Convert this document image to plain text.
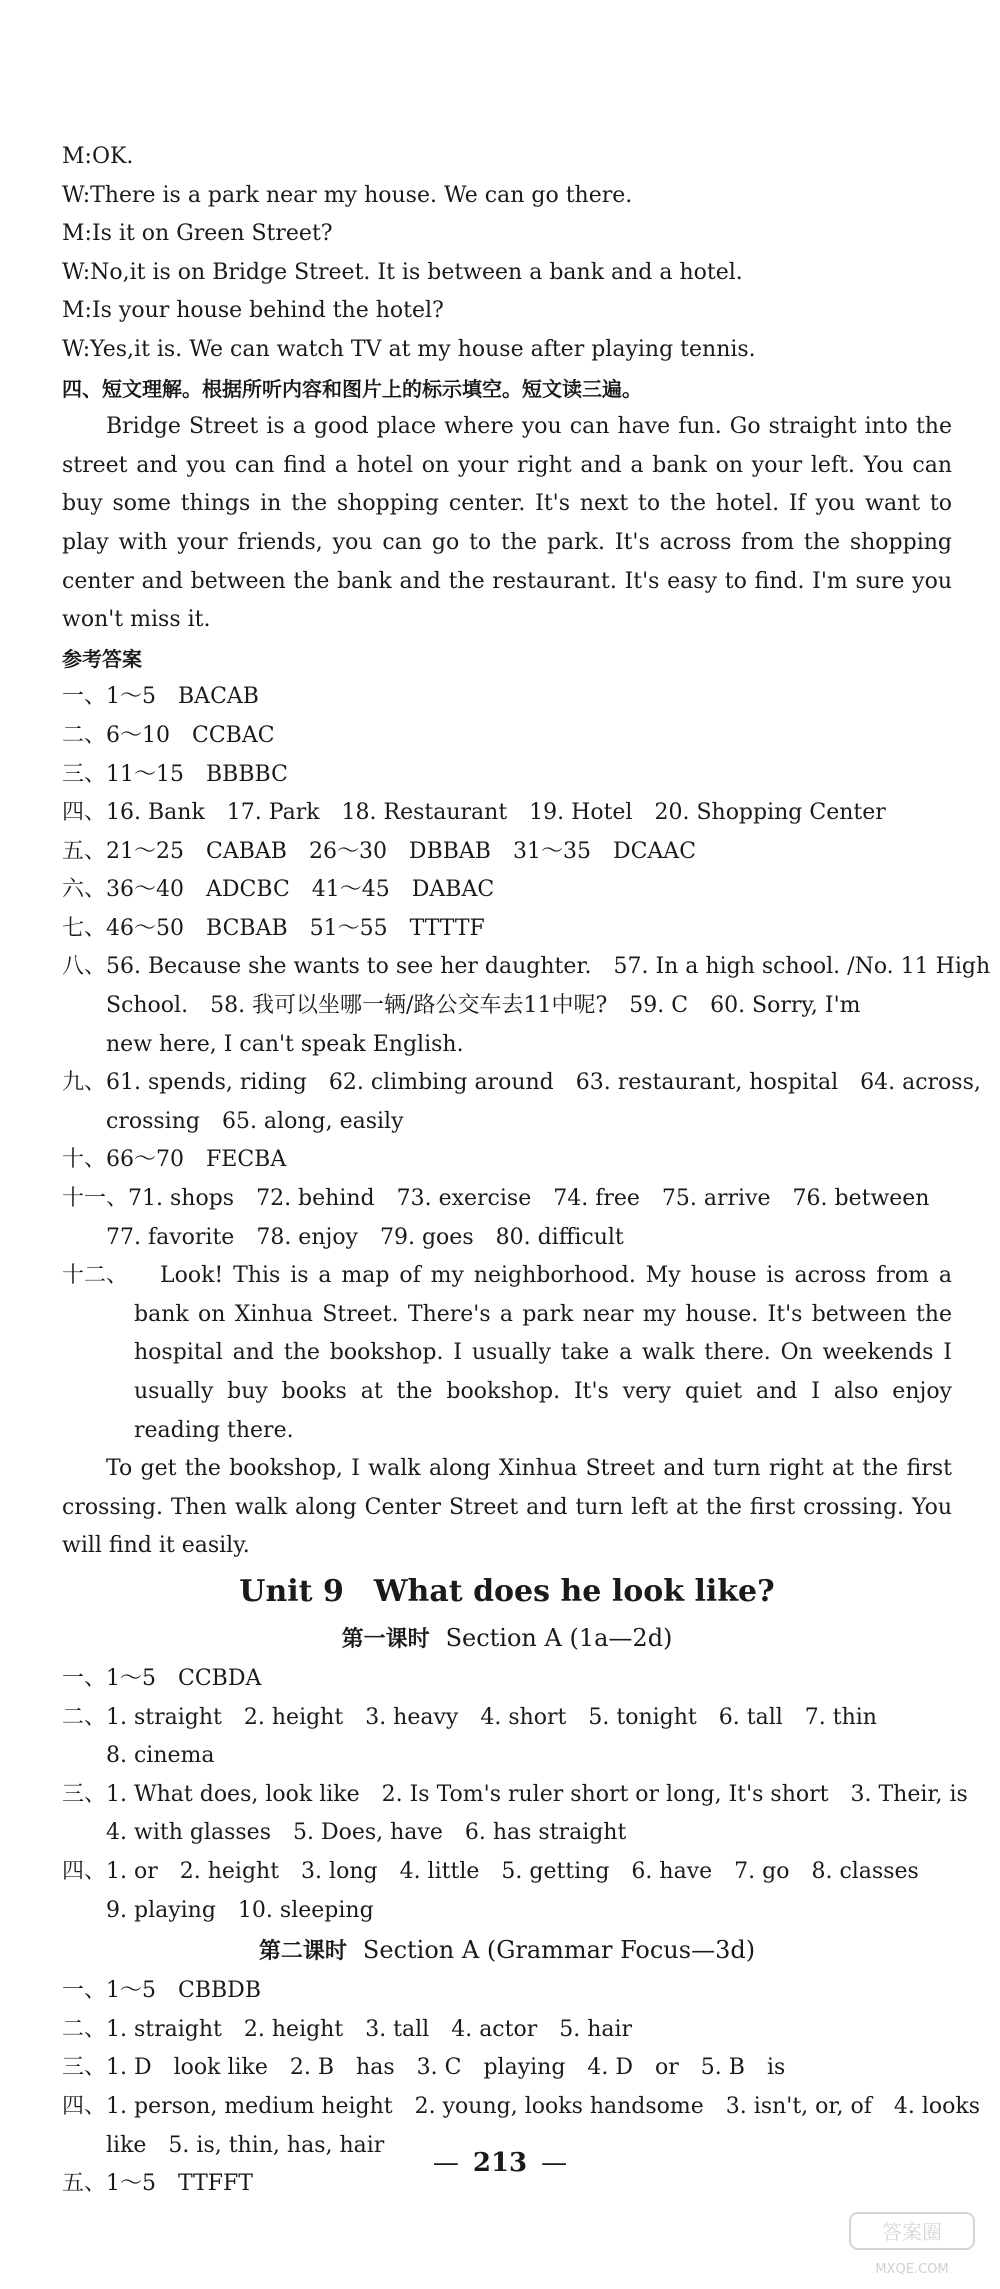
M:OK.
W:There is a park near my house. We can go there.
M:Is it on Green Street?
W:No,it is on Bridge Street. It is between a bank and a hotel.
M:Is your house behind the hotel?
W:Yes,it is. We can watch TV at my house after playing tennis.
四、短文理解。根据所听内容和图片上的标示填空。短文读三遍。
Bridge Street is a good place where you can have fun. Go straight into the street and you can find a hotel on your right and a bank on your left. You can buy some things in the shopping center. It's next to the hotel. If you want to play with your friends, you can go to the park. It's across from the shopping center and between the bank and the restaurant. It's easy to find. I'm sure you won't miss it.
参考答案
一、1～5　BACAB
二、6～10　CCBAC
三、11～15　BBBBC
四、16. Bank　17. Park　18. Restaurant　19. Hotel　20. Shopping Center
五、21～25　CABAB　26～30　DBBAB　31～35　DCAAC
六、36～40　ADCBC　41～45　DABAC
七、46～50　BCBAB　51～55　TTTTF
八、56. Because she wants to see her daughter.　57. In a high school. /No. 11 High
School.　58. 我可以坐哪一辆/路公交车去11中呢?　59. C　60. Sorry, I'm
new here, I can't speak English.
九、61. spends, riding　62. climbing around　63. restaurant, hospital　64. across,
crossing　65. along, easily
十、66～70　FECBA
十一、71. shops　72. behind　73. exercise　74. free　75. arrive　76. between
77. favorite　78. enjoy　79. goes　80. difficult
十二、	Look! This is a map of my neighborhood. My house is across from a bank on Xinhua Street. There's a park near my house. It's between the hospital and the bookshop. I usually take a walk there. On weekends I usually buy books at the bookshop. It's very quiet and I also enjoy reading there.
To get the bookshop, I walk along Xinhua Street and turn right at the first crossing. Then walk along Center Street and turn left at the first crossing. You will find it easily.
Unit 9　What does he look like?
第一课时 Section A (1a—2d)
一、1～5　CCBDA
二、1. straight　2. height　3. heavy　4. short　5. tonight　6. tall　7. thin
8. cinema
三、1. What does, look like　2. Is Tom's ruler short or long, It's short　3. Their, is
4. with glasses　5. Does, have　6. has straight
四、1. or　2. height　3. long　4. little　5. getting　6. have　7. go　8. classes
9. playing　10. sleeping
第二课时 Section A (Grammar Focus—3d)
一、1～5　CBBDB
二、1. straight　2. height　3. tall　4. actor　5. hair
三、1. D　look like　2. B　has　3. C　playing　4. D　or　5. B　is
四、1. person, medium height　2. young, looks handsome　3. isn't, or, of　4. looks
like　5. is, thin, has, hair
五、1～5　TTFFT
— 213 —
答案圈
MXQE.COM
